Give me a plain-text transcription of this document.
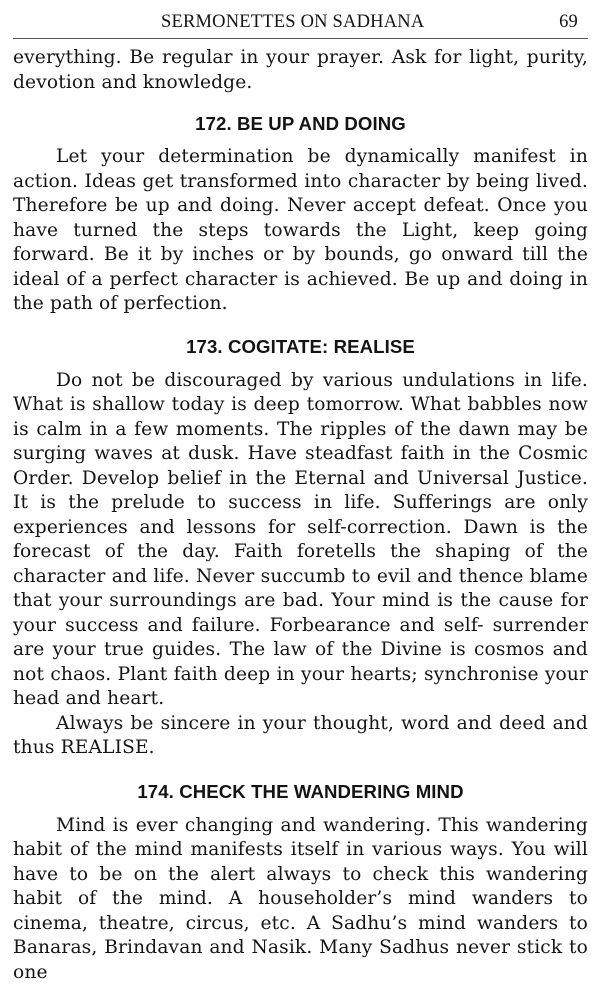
SERMONETTES ON SADHANA	69

everything. Be regular in your prayer. Ask for light, purity, devotion and knowledge.

172. BE UP AND DOING

Let your determination be dynamically manifest in action. Ideas get transformed into character by being lived. Therefore be up and doing. Never accept defeat. Once you have turned the steps towards the Light, keep going forward. Be it by inches or by bounds, go onward till the ideal of a perfect character is achieved. Be up and doing in the path of perfection.

173. COGITATE: REALISE

Do not be discouraged by various undulations in life. What is shallow today is deep tomorrow. What babbles now is calm in a few moments. The ripples of the dawn may be surging waves at dusk. Have steadfast faith in the Cosmic Order. Develop belief in the Eternal and Universal Justice. It is the prelude to success in life. Sufferings are only experiences and lessons for self-correction. Dawn is the forecast of the day. Faith foretells the shaping of the character and life. Never succumb to evil and thence blame that your surroundings are bad. Your mind is the cause for your success and failure. Forbearance and self- surrender are your true guides. The law of the Divine is cosmos and not chaos. Plant faith deep in your hearts; synchronise your head and heart.

Always be sincere in your thought, word and deed and thus REALISE.

174. CHECK THE WANDERING MIND

Mind is ever changing and wandering. This wandering habit of the mind manifests itself in various ways. You will have to be on the alert always to check this wandering habit of the mind. A householder’s mind wanders to cinema, theatre, circus, etc. A Sadhu’s mind wanders to Banaras, Brindavan and Nasik. Many Sadhus never stick to one
